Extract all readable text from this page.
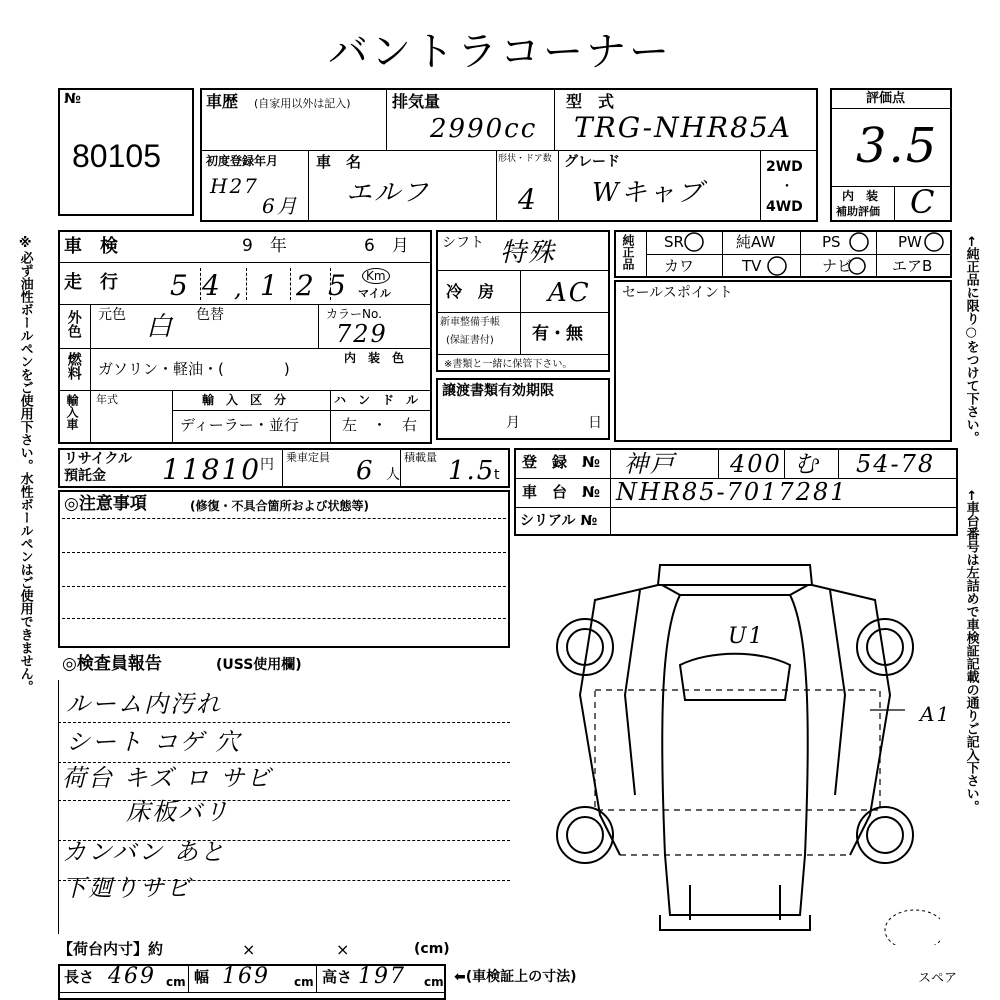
バントラコーナー
№
80105
車歴 (自家用以外は記入)	排気量
2990cc
型　式
TRG-NHR85A
初度登録年月
H27
6月
車　名
エルフ
形状・ドア数
4
グレード
Wキャブ
2WD
・
4WD
評価点
3.5
内　装
補助評価 C
車　検	9　年	6　月
走　行 5 4 , 1 2 5	Km
マイル
外色 元色 白 色替	カラーNo.
729
燃料 ガソリン・軽油・(　　　　)
内　装　色
輸入車 年式	輸　入　区　分
ディーラー・並行
ハ　ン　ド　ル
左　・　右
シフト 特殊
冷　房 AC
新車整備手帳
(保証書付) 有・無
※書類と一緒に保管下さい。
譲渡書類有効期限
月	日
純正品 SR	純AW	PS	PW
カワ	TV	ナビ	エアB
セールスポイント
リサイクル
預託金 11810
円 乗車定員 6 人
積載量 1.5
t
登　録　№ 神戸 400 む 54-78
車　台　№ NHR85-7017281
シリアル №
◎注意事項	(修復・不具合箇所および状態等)
◎検査員報告	(USS使用欄)
ルーム内汚れ
シート コゲ 穴
荷台 キズ ロ サビ
床板バリ
カンバン あと
下廻りサビ
U1
A1
スペア
【荷台内寸】約	×	×	(cm)
長さ 469 cm 幅 169 cm 高さ 197 cm ⬅(車検証上の寸法)
※必ず油性ボールペンをご使用下さい。水性ボールペンはご使用できません。	←純正品に限り○をつけて下さい。
←車台番号は左詰めで車検証記載の通りご記入下さい。
